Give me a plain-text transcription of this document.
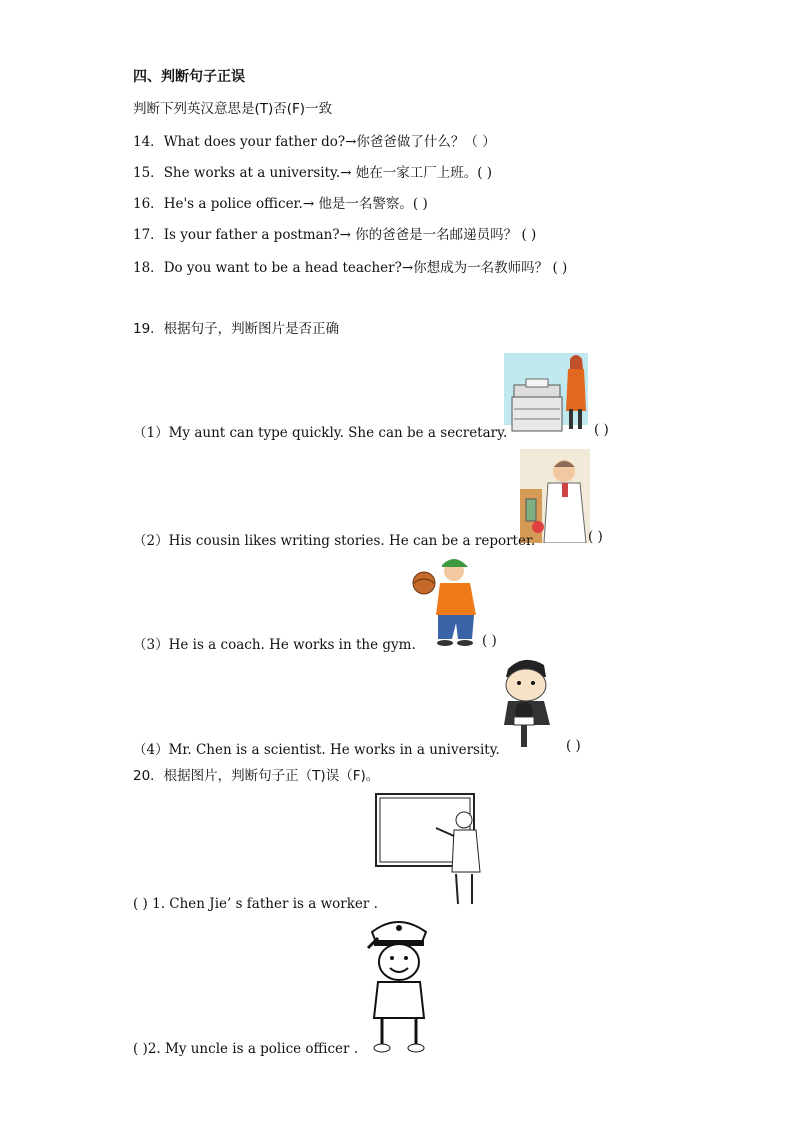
四、判断句子正误
判断下列英汉意思是(T)否(F)一致
14．What does your father do?→你爸爸做了什么？（ ）
15．She works at a university.→ 她在一家工厂上班。( )
16．He's a police officer.→ 他是一名警察。( )
17．Is your father a postman?→ 你的爸爸是一名邮递员吗？ ( )
18．Do you want to be a head teacher?→你想成为一名教师吗？ ( )
19．根据句子，判断图片是否正确
（1）My aunt can type quickly. She can be a secretary.	( )
（2）His cousin likes writing stories. He can be a reporter.	( )
（3）He is a coach. He works in the gym.	( )
（4）Mr. Chen is a scientist. He works in a university.	( )
20．根据图片，判断句子正（T)误（F)。
( ) 1. Chen Jie’ s father is a worker .
( )2. My uncle is a police officer .
